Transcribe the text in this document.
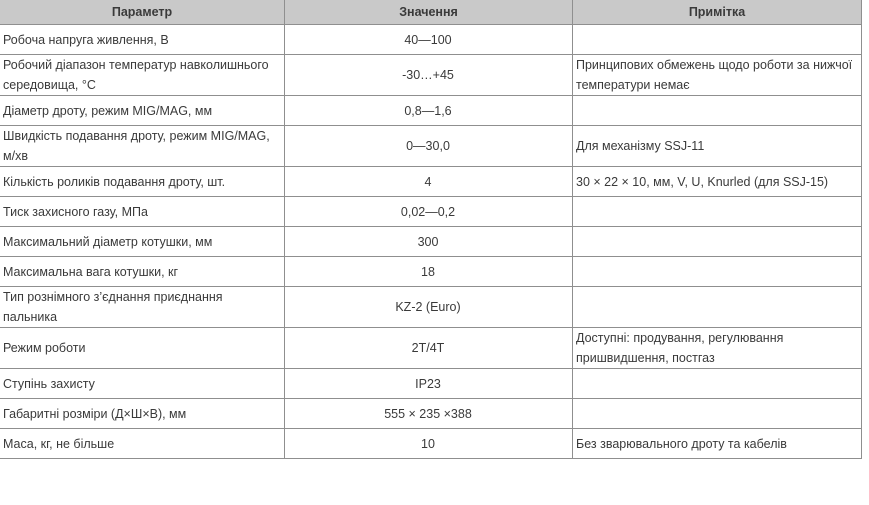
Параметр	Значення	Примітка
Робоча напруга живлення, В	40—100	
Робочий діапазон температур навколишнього середовища, °C	-30…+45	Принципових обмежень щодо роботи за нижчої температури немає
Діаметр дроту, режим MIG/MAG, мм	0,8—1,6	
Швидкість подавання дроту, режим MIG/MAG, м/хв	0—30,0	Для механізму SSJ-11
Кількість роликів подавання дроту, шт.	4	30 × 22 × 10, мм, V, U, Knurled (для SSJ-15)
Тиск захисного газу, МПа	0,02—0,2	
Максимальний діаметр котушки, мм	300	
Максимальна вага котушки, кг	18	
Тип рознімного з’єднання приєднання пальника	KZ-2 (Euro)	
Режим роботи	2T/4T	Доступні: продування, регулювання пришвидшення, постгаз
Ступінь захисту	IP23	
Габаритні розміри (Д×Ш×В), мм	555 × 235 ×388	
Маса, кг, не більше	10	Без зварювального дроту та кабелів
